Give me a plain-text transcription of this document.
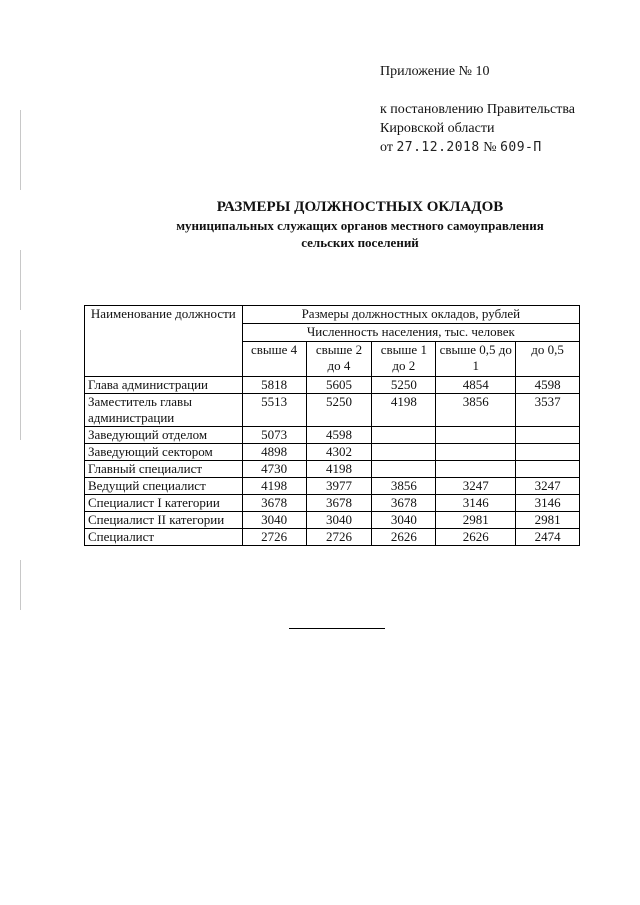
Приложение № 10
к постановлению Правительства
Кировской области
от 27.12.2018 № 609-П
РАЗМЕРЫ ДОЛЖНОСТНЫХ ОКЛАДОВ
муниципальных служащих органов местного самоуправления
сельских поселений
Наименование должности	Размеры должностных окладов, рублей				
	Численность населения, тыс. человек				
	свыше 4	свыше 2 до 4	свыше 1 до 2	свыше 0,5 до 1	до 0,5
Глава администрации	5818	5605	5250	4854	4598
Заместитель главы администрации	5513	5250	4198	3856	3537
Заведующий отделом	5073	4598			
Заведующий сектором	4898	4302			
Главный специалист	4730	4198			
Ведущий специалист	4198	3977	3856	3247	3247
Специалист I категории	3678	3678	3678	3146	3146
Специалист II категории	3040	3040	3040	2981	2981
Специалист	2726	2726	2626	2626	2474
